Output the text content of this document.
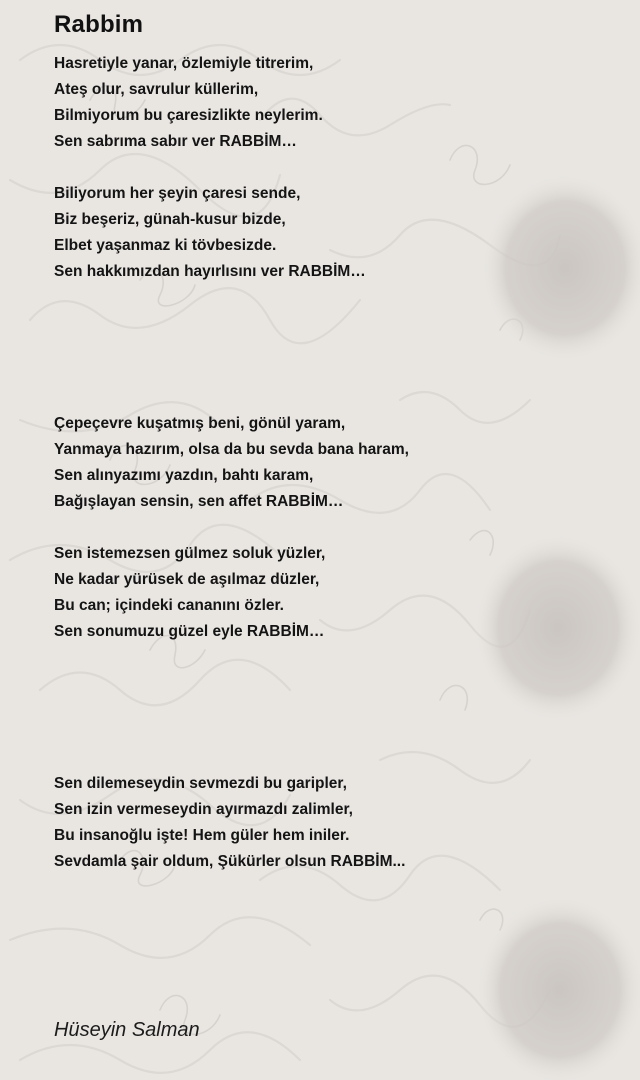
Rabbim
Hasretiyle yanar, özlemiyle titrerim,
Ateş olur, savrulur küllerim,
Bilmiyorum bu çaresizlikte neylerim.
Sen sabrıma sabır ver RABBİM…
Biliyorum her şeyin çaresi sende,
Biz beşeriz, günah-kusur bizde,
Elbet yaşanmaz ki tövbesizde.
Sen hakkımızdan hayırlısını ver RABBİM…
Çepeçevre kuşatmış beni, gönül yaram,
Yanmaya hazırım, olsa da bu sevda bana haram,
Sen alınyazımı yazdın, bahtı karam,
Bağışlayan sensin, sen affet RABBİM…
Sen istemezsen gülmez soluk yüzler,
Ne kadar yürüsek de aşılmaz düzler,
Bu can; içindeki cananını özler.
Sen sonumuzu güzel eyle RABBİM…
Sen dilemeseydin sevmezdi bu garipler,
Sen izin vermeseydin ayırmazdı zalimler,
Bu insanoğlu işte! Hem güler hem iniler.
Sevdamla şair oldum, Şükürler olsun RABBİM...
Hüseyin Salman
